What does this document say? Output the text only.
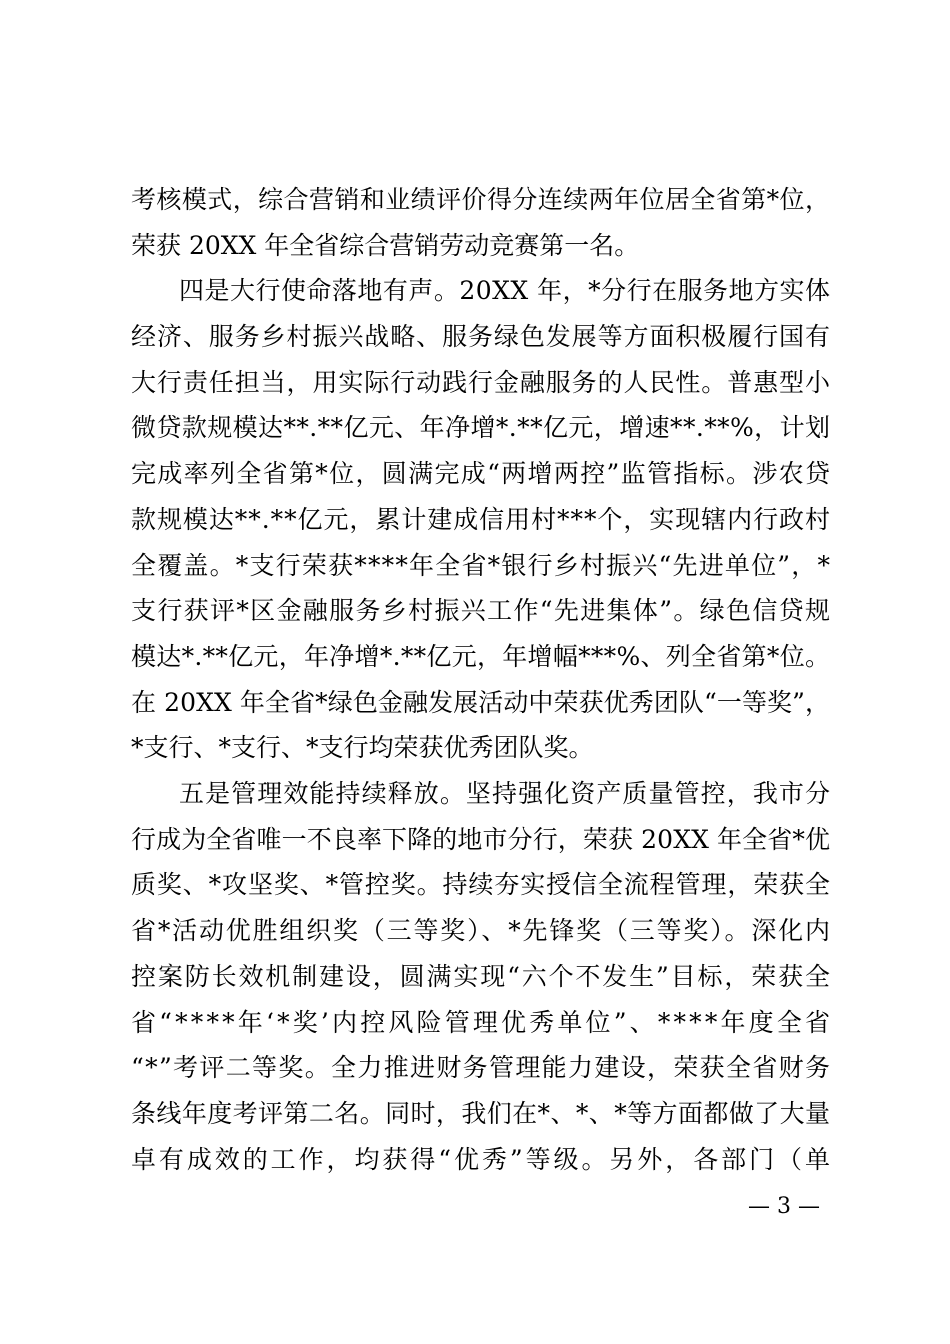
考核模式，综合营销和业绩评价得分连续两年位居全省第*位，
荣获 20XX 年全省综合营销劳动竞赛第一名。
四是大行使命落地有声。20XX 年，*分行在服务地方实体
经济、服务乡村振兴战略、服务绿色发展等方面积极履行国有
大行责任担当，用实际行动践行金融服务的人民性。普惠型小
微贷款规模达**.**亿元、年净增*.**亿元，增速**.**%，计划
完成率列全省第*位，圆满完成“两增两控”监管指标。涉农贷
款规模达**.**亿元，累计建成信用村***个，实现辖内行政村
全覆盖。*支行荣获****年全省*银行乡村振兴“先进单位”，*
支行获评*区金融服务乡村振兴工作“先进集体”。绿色信贷规
模达*.**亿元，年净增*.**亿元，年增幅***%、列全省第*位。
在 20XX 年全省*绿色金融发展活动中荣获优秀团队“一等奖”，
*支行、*支行、*支行均荣获优秀团队奖。
五是管理效能持续释放。坚持强化资产质量管控，我市分
行成为全省唯一不良率下降的地市分行，荣获 20XX 年全省*优
质奖、*攻坚奖、*管控奖。持续夯实授信全流程管理，荣获全
省*活动优胜组织奖（三等奖）、*先锋奖（三等奖）。深化内
控案防长效机制建设，圆满实现“六个不发生”目标，荣获全
省“****年‘*奖’内控风险管理优秀单位”、****年度全省
“*”考评二等奖。全力推进财务管理能力建设，荣获全省财务
条线年度考评第二名。同时，我们在*、*、*等方面都做了大量
卓有成效的工作，均获得“优秀”等级。另外，各部门（单
— 3 —
